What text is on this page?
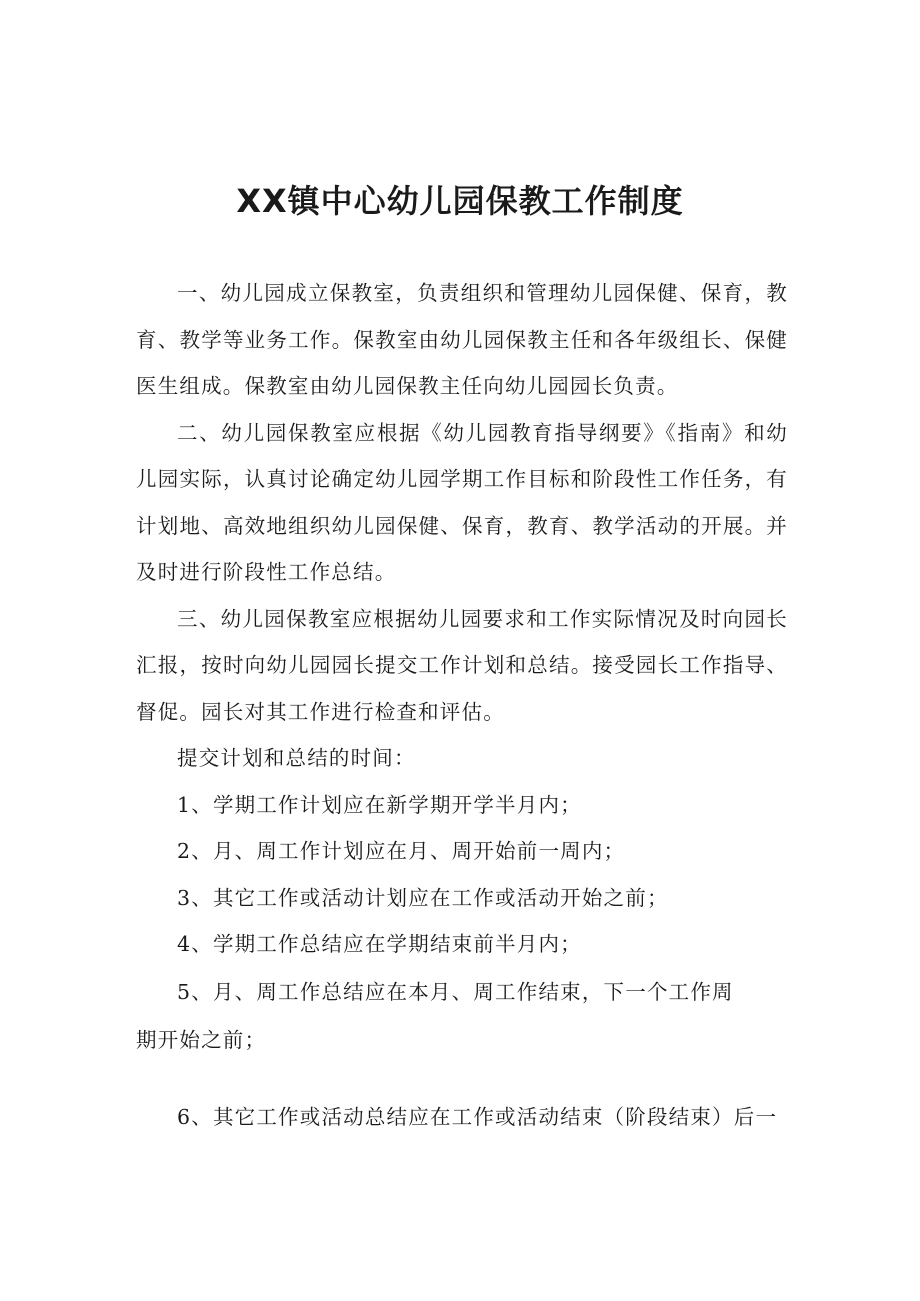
XX镇中心幼儿园保教工作制度

一、幼儿园成立保教室，负责组织和管理幼儿园保健、保育，教育、教学等业务工作。保教室由幼儿园保教主任和各年级组长、保健医生组成。保教室由幼儿园保教主任向幼儿园园长负责。

二、幼儿园保教室应根据《幼儿园教育指导纲要》《指南》和幼儿园实际，认真讨论确定幼儿园学期工作目标和阶段性工作任务，有计划地、高效地组织幼儿园保健、保育，教育、教学活动的开展。并及时进行阶段性工作总结。

三、幼儿园保教室应根据幼儿园要求和工作实际情况及时向园长汇报，按时向幼儿园园长提交工作计划和总结。接受园长工作指导、督促。园长对其工作进行检查和评估。

提交计划和总结的时间：

1、学期工作计划应在新学期开学半月内；

2、月、周工作计划应在月、周开始前一周内；

3、其它工作或活动计划应在工作或活动开始之前；

4、学期工作总结应在学期结束前半月内；

5、月、周工作总结应在本月、周工作结束，下一个工作周

期开始之前；

6、其它工作或活动总结应在工作或活动结束（阶段结束）后一
